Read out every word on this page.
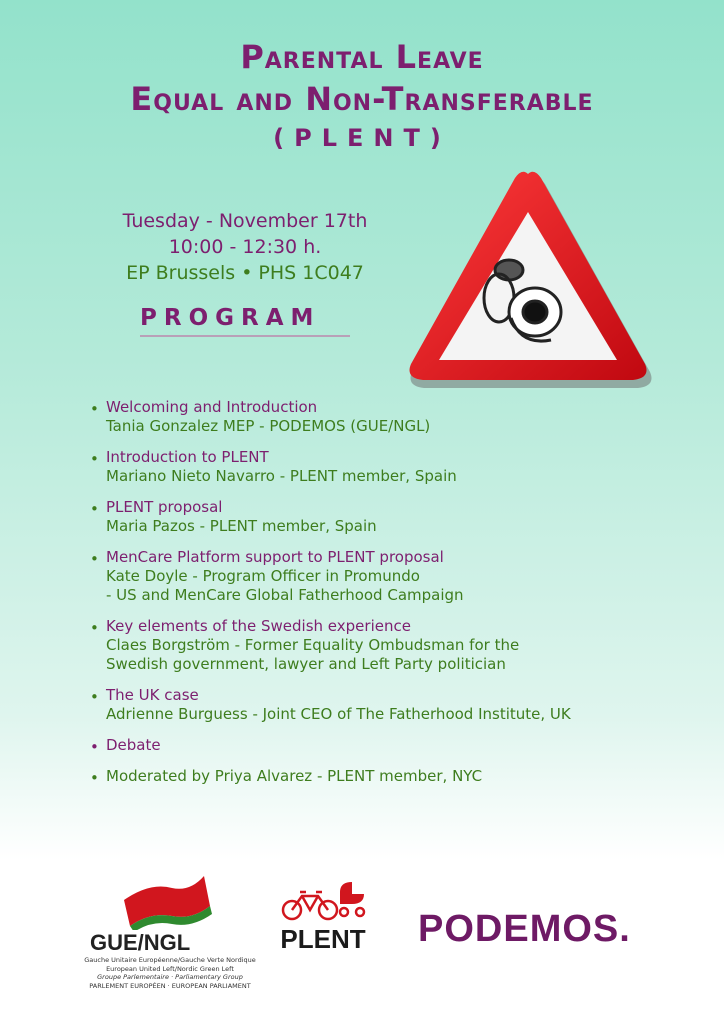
Parental Leave
Equal and Non-Transferable
(PLENT)
Tuesday - November 17th
10:00 - 12:30 h.
EP Brussels • PHS 1C047
PROGRAM
• Welcoming and Introduction
Tania Gonzalez MEP - PODEMOS (GUE/NGL)
• Introduction to PLENT
Mariano Nieto Navarro - PLENT member, Spain
• PLENT proposal
Maria Pazos - PLENT member, Spain
• MenCare Platform support to PLENT proposal
Kate Doyle - Program Officer in Promundo
- US and MenCare Global Fatherhood Campaign
• Key elements of the Swedish experience
Claes Borgström - Former Equality Ombudsman for the
Swedish government, lawyer and Left Party politician
• The UK case
Adrienne Burguess - Joint CEO of The Fatherhood Institute, UK
• Debate
• Moderated by Priya Alvarez - PLENT member, NYC
GUE/NGL
Gauche Unitaire Européenne/Gauche Verte Nordique
European United Left/Nordic Green Left
Groupe Parlementaire · Parliamentary Group
PARLEMENT EUROPÉEN · EUROPEAN PARLIAMENT
PLENT PODEMOS.
